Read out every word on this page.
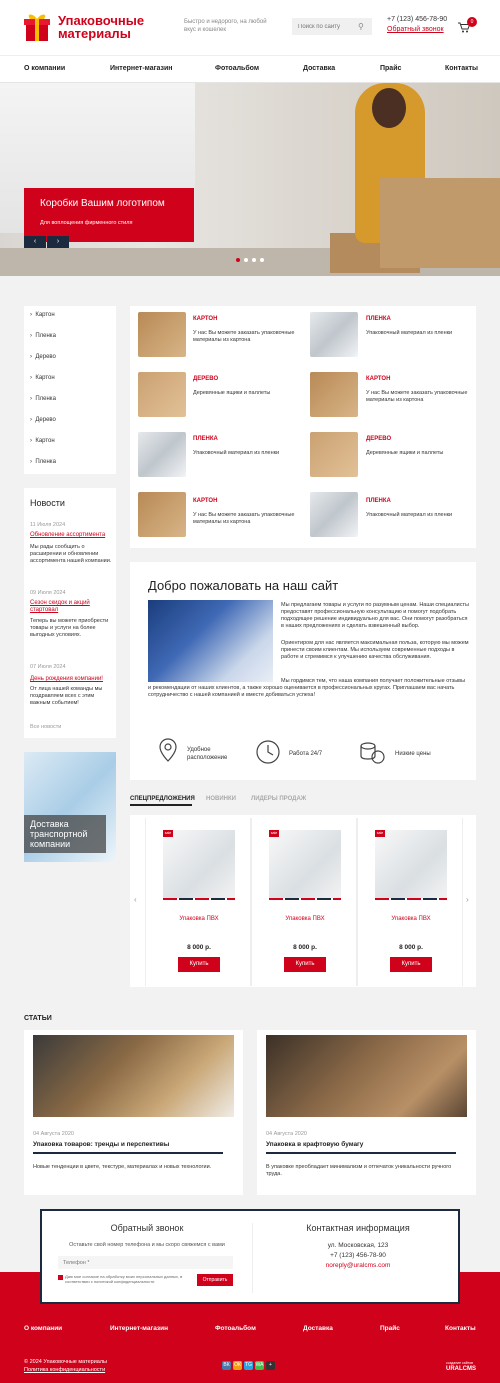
Упаковочные материалы
Быстро и недорого, на любой вкус и кошелек
Поиск по сайту	⚲
+7 (123) 456-78-90
Обратный звонок
0
О компании	Интернет-магазин	Фотоальбом	Доставка	Прайс	Контакты
Коробки Вашим логотипом
Для воплощения фирменного стиля
‹	›
›  Картон
›  Пленка
›  Дерево
›  Картон
›  Пленка
›  Дерево
›  Картон
›  Пленка
Новости
11 Июля 2024
Обновление ассортимента
Мы рады сообщить о расширении и обновлении ассортимента нашей компании.
09 Июля 2024
Сезон скидок и акций стартовал
Теперь вы можете приобрести товары и услуги на более выгодных условиях.
07 Июля 2024
День рождения компании!
От лица нашей команды мы поздравляем всех с этим важным событием!
Все новости
Доставка транспортной компании
КАРТОН
У нас Вы можете заказать упаковочные материалы из картона
ПЛЕНКА
Упаковочный материал из пленки
ДЕРЕВО
Деревянные ящики и паллеты
КАРТОН
У нас Вы можете заказать упаковочные материалы из картона
ПЛЕНКА
Упаковочный материал из пленки
ДЕРЕВО
Деревянные ящики и паллеты
КАРТОН
У нас Вы можете заказать упаковочные материалы из картона
ПЛЕНКА
Упаковочный материал из пленки
Добро пожаловать на наш сайт
Мы предлагаем товары и услуги по разумным ценам. Наши специалисты предоставят профессиональную консультацию и помогут подобрать подходящее решение индивидуально для вас. Они помогут разобраться в наших предложениях и сделать взвешенный выбор.
Ориентиром для нас является максимальная польза, которую мы можем принести своим клиентам. Мы используем современные подходы в работе и стремимся к улучшению качества обслуживания.
Мы гордимся тем, что наша компания получает положительные отзывы и рекомендации от наших клиентов, а также хорошо оценивается в профессиональных кругах. Приглашаем вас начать сотрудничество с нашей компанией и вместе добиваться успеха!
Удобное расположение
Работа 24/7	Низкие цены
СПЕЦПРЕДЛОЖЕНИЯ НОВИНКИ	ЛИДЕРЫ ПРОДАЖ
‹	›
sale
Упаковка ПВХ
8 000 р.
Купить
sale
Упаковка ПВХ
8 000 р.
Купить
sale
Упаковка ПВХ
8 000 р.
Купить
СТАТЬИ
04 Августа 2020
Упаковка товаров: тренды и перспективы
Новые тенденции в цвете, текстуре, материалах и новых технологии.
04 Августа 2020
Упаковка в крафтовую бумагу
В упаковке преобладает минимализм и отпечаток уникальности ручного труда.
Обратный звонок
Оставьте свой номер телефона и мы скоро свяжемся с вами
Телефон *
Даю мое согласие на обработку моих персональных данных, в соответствии с политикой конфиденциальности	Отправить
Контактная информация
ул. Московская, 123
+7 (123) 456-78-90
noreply@uralcms.com
О компании	Интернет-магазин	Фотоальбом	Доставка	Прайс	Контакты
© 2024 Упаковочные материалы
Политика конфиденциальности
ВК ОК TG WA	+	создание сайтов
URALCMS
